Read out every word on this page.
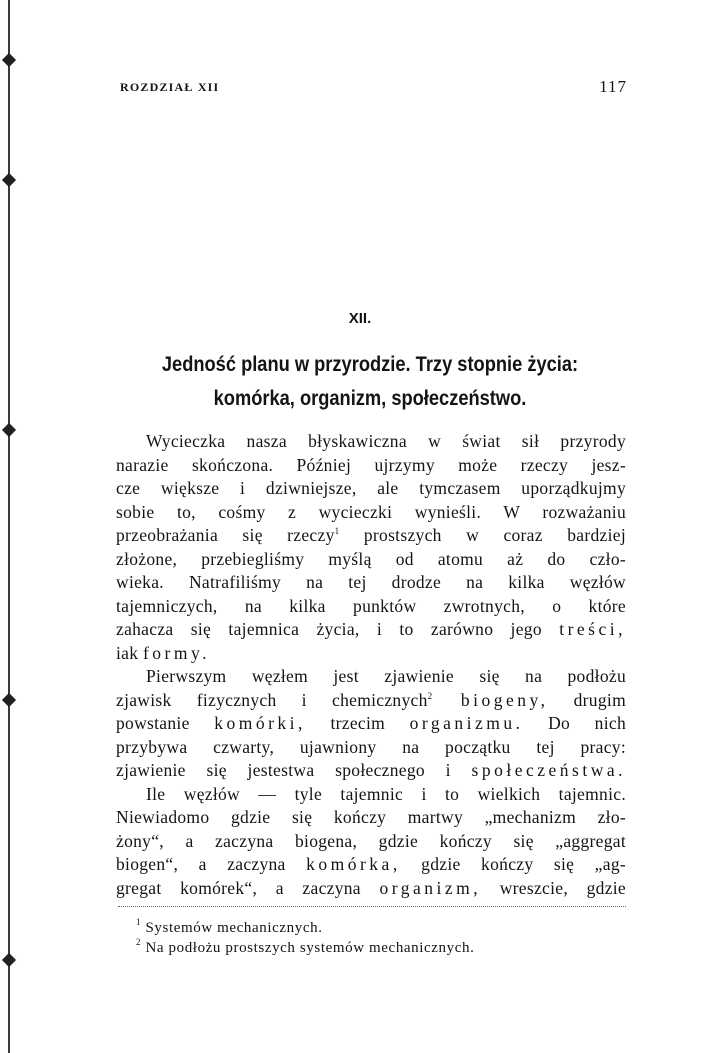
ROZDZIAŁ XII	117
XII.
Jedność planu w przyrodzie. Trzy stopnie życia:
komórka, organizm, społeczeństwo.
Wycieczka nasza błyskawiczna w świat sił przyrody
narazie skończona. Później ujrzymy może rzeczy jesz-
cze większe i dziwniejsze, ale tymczasem uporządkujmy
sobie to, cośmy z wycieczki wynieśli. W rozważaniu
przeobrażania się rzeczy$^1$ prostszych w coraz bardziej
złożone, przebiegliśmy myślą od atomu aż do czło-
wieka. Natrafiliśmy na tej drodze na kilka węzłów
tajemniczych, na kilka punktów zwrotnych, o które
zahacza się tajemnica życia, i to zarówno jego treści,
iak formy.
Pierwszym węzłem jest zjawienie się na podłożu
zjawisk fizycznych i chemicznych$^2$ biogeny, drugim
powstanie komórki, trzecim organizmu. Do nich
przybywa czwarty, ujawniony na początku tej pracy:
zjawienie się jestestwa społecznego i społeczeństwa.
Ile węzłów — tyle tajemnic i to wielkich tajemnic.
Niewiadomo gdzie się kończy martwy „mechanizm zło-
żony“, a zaczyna biogena, gdzie kończy się „aggregat
biogen“, a zaczyna komórka, gdzie kończy się „ag-
gregat komórek“, a zaczyna organizm, wreszcie, gdzie
$^1$ Systemów mechanicznych.
$^2$ Na podłożu prostszych systemów mechanicznych.
